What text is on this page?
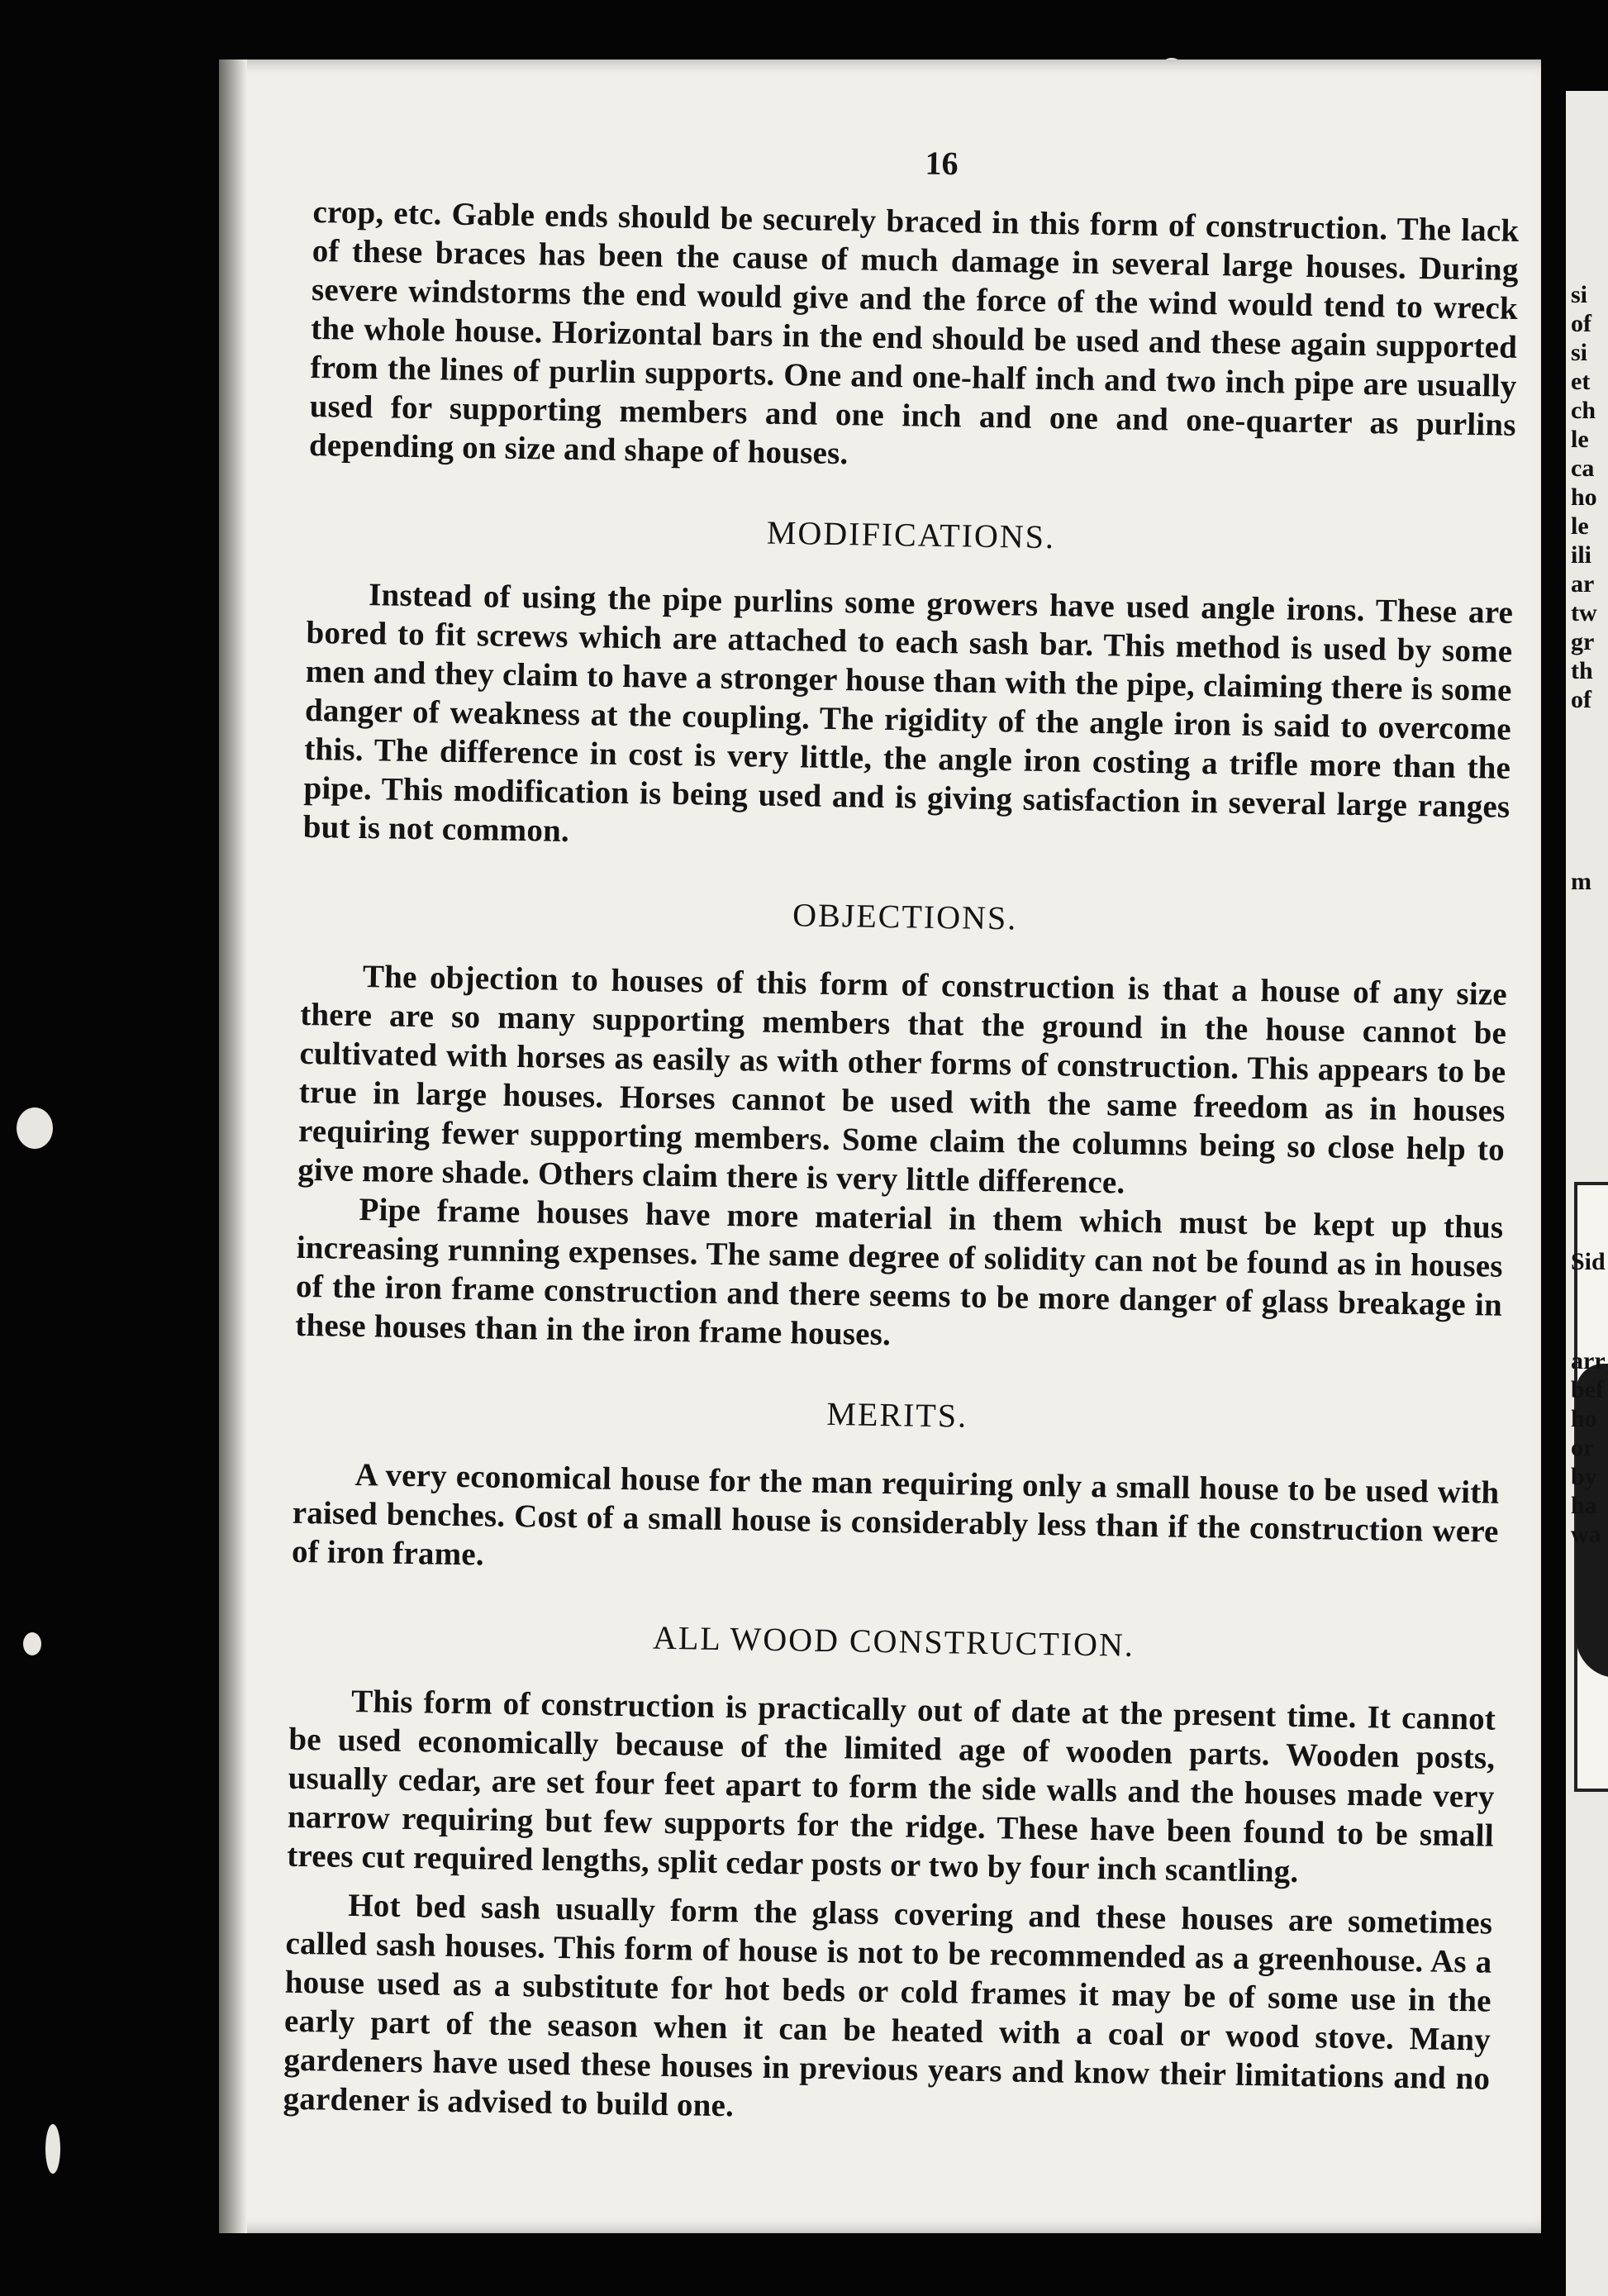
16

crop, etc. Gable ends should be securely braced in this form of construction. The lack of these braces has been the cause of much damage in several large houses. During severe windstorms the end would give and the force of the wind would tend to wreck the whole house. Horizontal bars in the end should be used and these again supported from the lines of purlin supports. One and one-half inch and two inch pipe are usually used for supporting members and one inch and one and one-quarter as purlins depending on size and shape of houses.

MODIFICATIONS.

Instead of using the pipe purlins some growers have used angle irons. These are bored to fit screws which are attached to each sash bar. This method is used by some men and they claim to have a stronger house than with the pipe, claiming there is some danger of weakness at the coupling. The rigidity of the angle iron is said to overcome this. The difference in cost is very little, the angle iron costing a trifle more than the pipe. This modification is being used and is giving satisfaction in several large ranges but is not common.

OBJECTIONS.

The objection to houses of this form of construction is that a house of any size there are so many supporting members that the ground in the house cannot be cultivated with horses as easily as with other forms of construction. This appears to be true in large houses. Horses cannot be used with the same freedom as in houses requiring fewer supporting members. Some claim the columns being so close help to give more shade. Others claim there is very little difference.

Pipe frame houses have more material in them which must be kept up thus increasing running expenses. The same degree of solidity can not be found as in houses of the iron frame construction and there seems to be more danger of glass breakage in these houses than in the iron frame houses.

MERITS.

A very economical house for the man requiring only a small house to be used with raised benches. Cost of a small house is considerably less than if the construction were of iron frame.

ALL WOOD CONSTRUCTION.

This form of construction is practically out of date at the present time. It cannot be used economically because of the limited age of wooden parts. Wooden posts, usually cedar, are set four feet apart to form the side walls and the houses made very narrow requiring but few supports for the ridge. These have been found to be small trees cut required lengths, split cedar posts or two by four inch scantling.

Hot bed sash usually form the glass covering and these houses are sometimes called sash houses. This form of house is not to be recommended as a greenhouse. As a house used as a substitute for hot beds or cold frames it may be of some use in the early part of the season when it can be heated with a coal or wood stove. Many gardeners have used these houses in previous years and know their limitations and no gardener is advised to build one.

si
of
si
et
ch
le
ca
ho
le
ili
ar
tw
gr
th
of
m
Sid
arr
bef
ho
or
by
ha
wa
